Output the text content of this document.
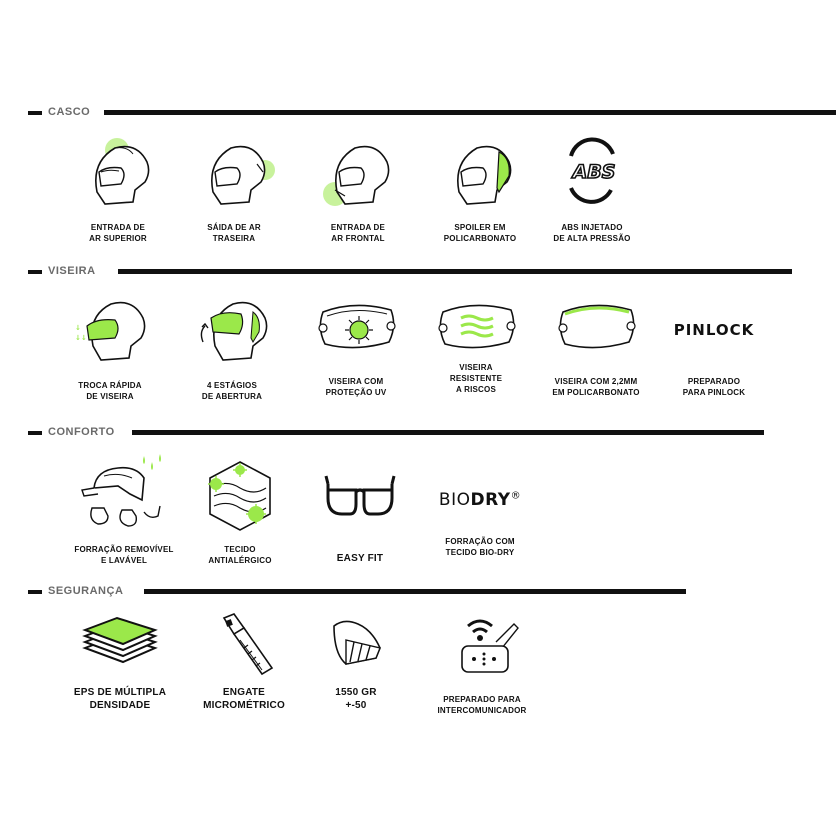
CASCO
ENTRADA DE
AR SUPERIOR
SÁIDA DE AR
TRASEIRA
ENTRADA DE
AR FRONTAL
SPOILER EM
POLICARBONATO
ABS
ABS INJETADO
DE ALTA PRESSÃO
VISEIRA
↓↓
↓
TROCA RÁPIDA
DE VISEIRA
4 ESTÁGIOS
DE ABERTURA
VISEIRA COM
PROTEÇÃO UV
VISEIRA
RESISTENTE
A RISCOS
VISEIRA COM 2,2MM
EM POLICARBONATO
PINLOCK
PREPARADO
PARA PINLOCK
CONFORTO
FORRAÇÃO REMOVÍVEL
E LAVÁVEL
TECIDO
ANTIALÉRGICO	EASY FIT
BIODRY®
FORRAÇÃO COM
TECIDO BIO-DRY
SEGURANÇA
EPS DE MÚLTIPLA
DENSIDADE
ENGATE
MICROMÉTRICO
1550 GR
+-50
PREPARADO PARA
INTERCOMUNICADOR
